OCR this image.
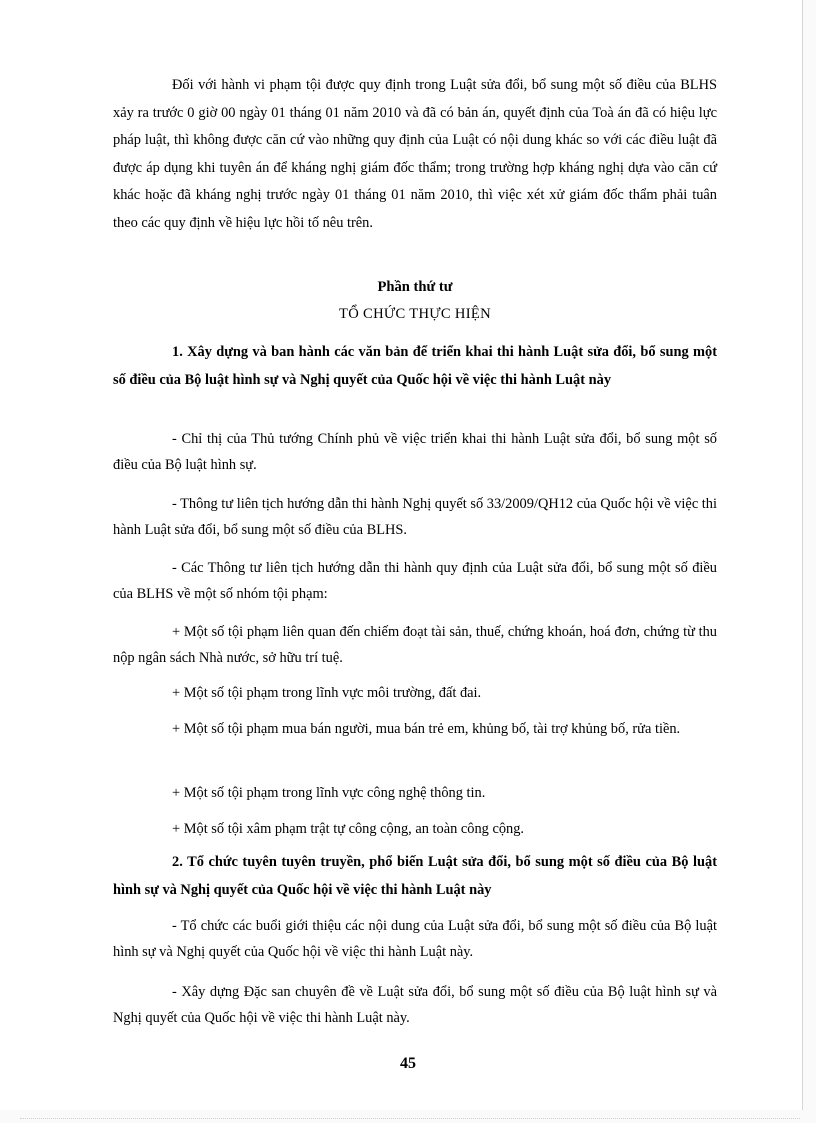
Đối với hành vi phạm tội được quy định trong Luật sửa đổi, bổ sung một số điều của BLHS xảy ra trước 0 giờ 00 ngày 01 tháng 01 năm 2010 và đã có bản án, quyết định của Toà án đã có hiệu lực pháp luật, thì không được căn cứ vào những quy định của Luật có nội dung khác so với các điều luật đã được áp dụng khi tuyên án để kháng nghị giám đốc thẩm; trong trường hợp kháng nghị dựa vào căn cứ khác hoặc đã kháng nghị trước ngày 01 tháng 01 năm 2010, thì việc xét xử giám đốc thẩm phải tuân theo các quy định về hiệu lực hồi tố nêu trên.

Phần thứ tư
TỔ CHỨC THỰC HIỆN

1. Xây dựng và ban hành các văn bản để triển khai thi hành Luật sửa đổi, bổ sung một số điều của Bộ luật hình sự và Nghị quyết của Quốc hội về việc thi hành Luật này

- Chỉ thị của Thủ tướng Chính phủ về việc triển khai thi hành Luật sửa đổi, bổ sung một số điều của Bộ luật hình sự.

- Thông tư liên tịch hướng dẫn thi hành Nghị quyết số 33/2009/QH12 của Quốc hội về việc thi hành Luật sửa đổi, bổ sung một số điều của BLHS.

- Các Thông tư liên tịch hướng dẫn thi hành quy định của Luật sửa đổi, bổ sung một số điều của BLHS về một số nhóm tội phạm:

+ Một số tội phạm liên quan đến chiếm đoạt tài sản, thuế, chứng khoán, hoá đơn, chứng từ thu nộp ngân sách Nhà nước, sở hữu trí tuệ.

+ Một số tội phạm trong lĩnh vực môi trường, đất đai.

+ Một số tội phạm mua bán người, mua bán trẻ em, khủng bố, tài trợ khủng bố, rửa tiền.

+ Một số tội phạm trong lĩnh vực công nghệ thông tin.

+ Một số tội xâm phạm trật tự công cộng, an toàn công cộng.

2. Tổ chức tuyên tuyên truyền, phổ biến Luật sửa đổi, bổ sung một số điều của Bộ luật hình sự và Nghị quyết của Quốc hội về việc thi hành Luật này

- Tổ chức các buổi giới thiệu các nội dung của Luật sửa đổi, bổ sung một số điều của Bộ luật hình sự và Nghị quyết của Quốc hội về việc thi hành Luật này.

- Xây dựng Đặc san chuyên đề về Luật sửa đổi, bổ sung một số điều của Bộ luật hình sự và Nghị quyết của Quốc hội về việc thi hành Luật này.

45
